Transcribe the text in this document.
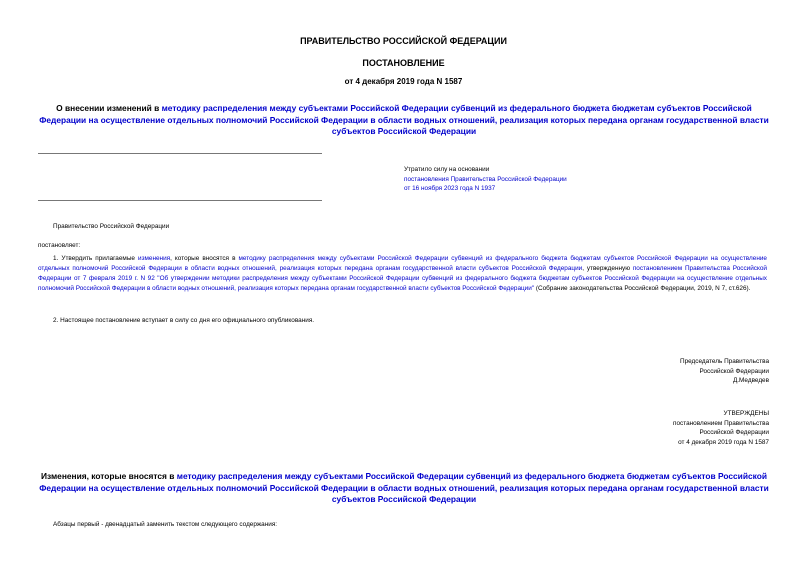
ПРАВИТЕЛЬСТВО РОССИЙСКОЙ ФЕДЕРАЦИИ
ПОСТАНОВЛЕНИЕ
от 4 декабря 2019 года N 1587
О внесении изменений в методику распределения между субъектами Российской Федерации субвенций из федерального бюджета бюджетам субъектов Российской Федерации на осуществление отдельных полномочий Российской Федерации в области водных отношений, реализация которых передана органам государственной власти субъектов Российской Федерации
Утратило силу на основании
постановления Правительства Российской Федерации
от 16 ноября 2023 года N 1937
Правительство Российской Федерации
постановляет:
1. Утвердить прилагаемые изменения, которые вносятся в методику распределения между субъектами Российской Федерации субвенций из федерального бюджета бюджетам субъектов Российской Федерации на осуществление отдельных полномочий Российской Федерации в области водных отношений, реализация которых передана органам государственной власти субъектов Российской Федерации, утвержденную постановлением Правительства Российской Федерации от 7 февраля 2019 г. N 92 "Об утверждении методики распределения между субъектами Российской Федерации субвенций из федерального бюджета бюджетам субъектов Российской Федерации на осуществление отдельных полномочий Российской Федерации в области водных отношений, реализация которых передана органам государственной власти субъектов Российской Федерации" (Собрание законодательства Российской Федерации, 2019, N 7, ст.626).
2. Настоящее постановление вступает в силу со дня его официального опубликования.
Председатель Правительства
Российской Федерации
Д.Медведев
УТВЕРЖДЕНЫ
постановлением Правительства
Российской Федерации
от 4 декабря 2019 года N 1587
Изменения, которые вносятся в методику распределения между субъектами Российской Федерации субвенций из федерального бюджета бюджетам субъектов Российской Федерации на осуществление отдельных полномочий Российской Федерации в области водных отношений, реализация которых передана органам государственной власти субъектов Российской Федерации
Абзацы первый - двенадцатый заменить текстом следующего содержания:
